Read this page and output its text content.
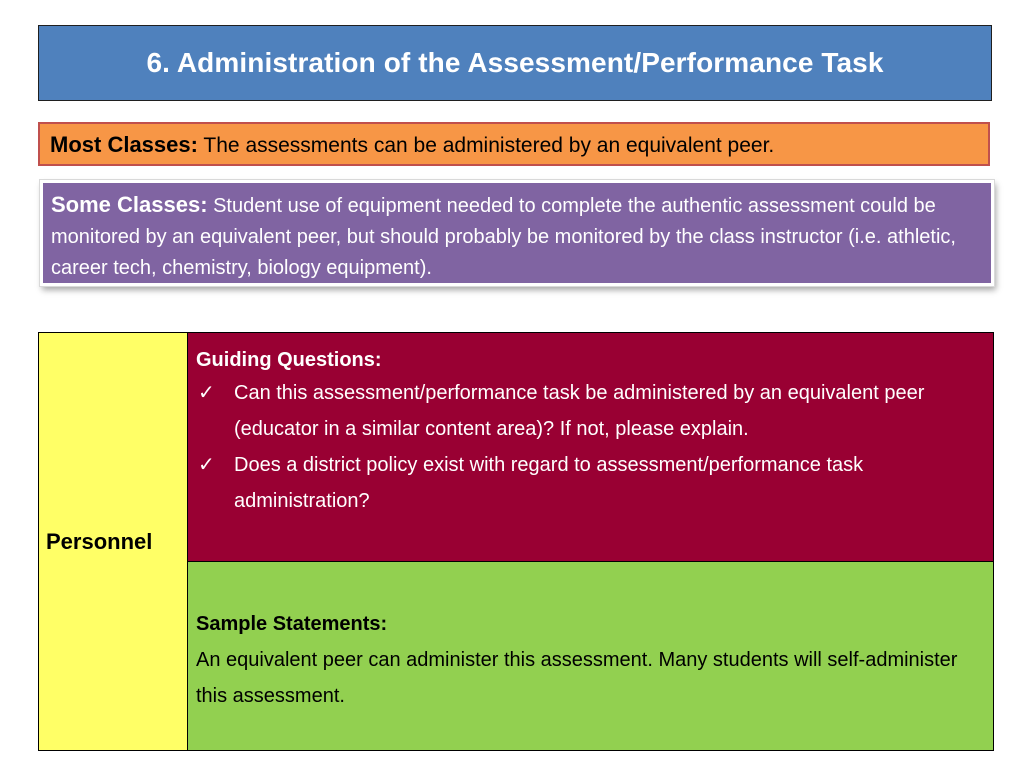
6. Administration of the Assessment/Performance Task
Most Classes: The assessments can be administered by an equivalent peer.
Some Classes: Student use of equipment needed to complete the authentic assessment could be monitored by an equivalent peer, but should probably be monitored by the class instructor (i.e. athletic, career tech, chemistry, biology equipment).
Personnel
Guiding Questions:
✓ Can this assessment/performance task be administered by an equivalent peer (educator in a similar content area)? If not, please explain.
✓ Does a district policy exist with regard to assessment/performance task administration?
Sample Statements:
An equivalent peer can administer this assessment. Many students will self-administer this assessment.
